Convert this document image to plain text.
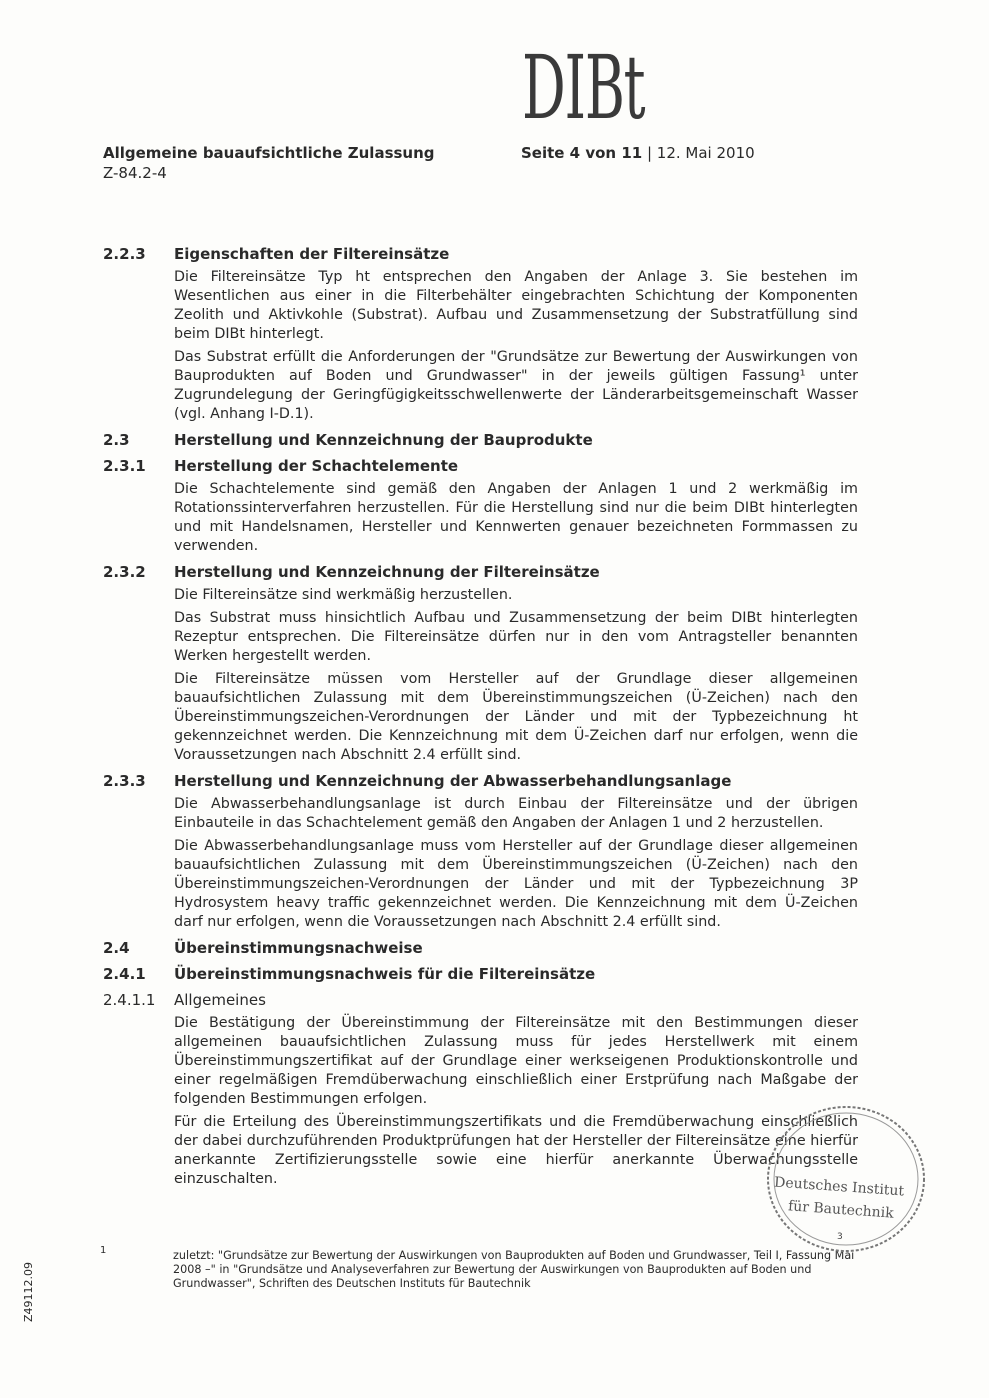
DIBt
Allgemeine bauaufsichtliche Zulassung
Z-84.2-4
Seite 4 von 11 | 12. Mai 2010
2.2.3	Eigenschaften der Filtereinsätze
Die Filtereinsätze Typ ht entsprechen den Angaben der Anlage 3. Sie bestehen im Wesentlichen aus einer in die Filterbehälter eingebrachten Schichtung der Komponenten Zeolith und Aktivkohle (Substrat). Aufbau und Zusammensetzung der Substratfüllung sind beim DIBt hinterlegt.
Das Substrat erfüllt die Anforderungen der "Grundsätze zur Bewertung der Auswirkungen von Bauprodukten auf Boden und Grundwasser" in der jeweils gültigen Fassung¹ unter Zugrundelegung der Geringfügigkeitsschwellenwerte der Länderarbeitsgemeinschaft Wasser (vgl. Anhang I-D.1).
2.3	Herstellung und Kennzeichnung der Bauprodukte
2.3.1	Herstellung der Schachtelemente
Die Schachtelemente sind gemäß den Angaben der Anlagen 1 und 2 werkmäßig im Rotationssinterverfahren herzustellen. Für die Herstellung sind nur die beim DIBt hinterlegten und mit Handelsnamen, Hersteller und Kennwerten genauer bezeichneten Formmassen zu verwenden.
2.3.2	Herstellung und Kennzeichnung der Filtereinsätze
Die Filtereinsätze sind werkmäßig herzustellen.
Das Substrat muss hinsichtlich Aufbau und Zusammensetzung der beim DIBt hinterlegten Rezeptur entsprechen. Die Filtereinsätze dürfen nur in den vom Antragsteller benannten Werken hergestellt werden.
Die Filtereinsätze müssen vom Hersteller auf der Grundlage dieser allgemeinen bauaufsichtlichen Zulassung mit dem Übereinstimmungszeichen (Ü-Zeichen) nach den Übereinstimmungszeichen-Verordnungen der Länder und mit der Typbezeichnung ht gekennzeichnet werden. Die Kennzeichnung mit dem Ü-Zeichen darf nur erfolgen, wenn die Voraussetzungen nach Abschnitt 2.4 erfüllt sind.
2.3.3	Herstellung und Kennzeichnung der Abwasserbehandlungsanlage
Die Abwasserbehandlungsanlage ist durch Einbau der Filtereinsätze und der übrigen Einbauteile in das Schachtelement gemäß den Angaben der Anlagen 1 und 2 herzustellen.
Die Abwasserbehandlungsanlage muss vom Hersteller auf der Grundlage dieser allgemeinen bauaufsichtlichen Zulassung mit dem Übereinstimmungszeichen (Ü-Zeichen) nach den Übereinstimmungszeichen-Verordnungen der Länder und mit der Typbezeichnung 3P Hydrosystem heavy traffic gekennzeichnet werden. Die Kennzeichnung mit dem Ü-Zeichen darf nur erfolgen, wenn die Voraussetzungen nach Abschnitt 2.4 erfüllt sind.
2.4	Übereinstimmungsnachweise
2.4.1	Übereinstimmungsnachweis für die Filtereinsätze
2.4.1.1	Allgemeines
Die Bestätigung der Übereinstimmung der Filtereinsätze mit den Bestimmungen dieser allgemeinen bauaufsichtlichen Zulassung muss für jedes Herstellwerk mit einem Übereinstimmungszertifikat auf der Grundlage einer werkseigenen Produktionskontrolle und einer regelmäßigen Fremdüberwachung einschließlich einer Erstprüfung nach Maßgabe der folgenden Bestimmungen erfolgen.
Für die Erteilung des Übereinstimmungszertifikats und die Fremdüberwachung einschließlich der dabei durchzuführenden Produktprüfungen hat der Hersteller der Filtereinsätze eine hierfür anerkannte Zertifizierungsstelle sowie eine hierfür anerkannte Überwachungsstelle einzuschalten.
1	zuletzt: "Grundsätze zur Bewertung der Auswirkungen von Bauprodukten auf Boden und Grundwasser, Teil I, Fassung Mai 2008 –" in "Grundsätze und Analyseverfahren zur Bewertung der Auswirkungen von Bauprodukten auf Boden und Grundwasser", Schriften des Deutschen Instituts für Bautechnik
Z49112.09
Deutsches Institut
für Bautechnik
3
